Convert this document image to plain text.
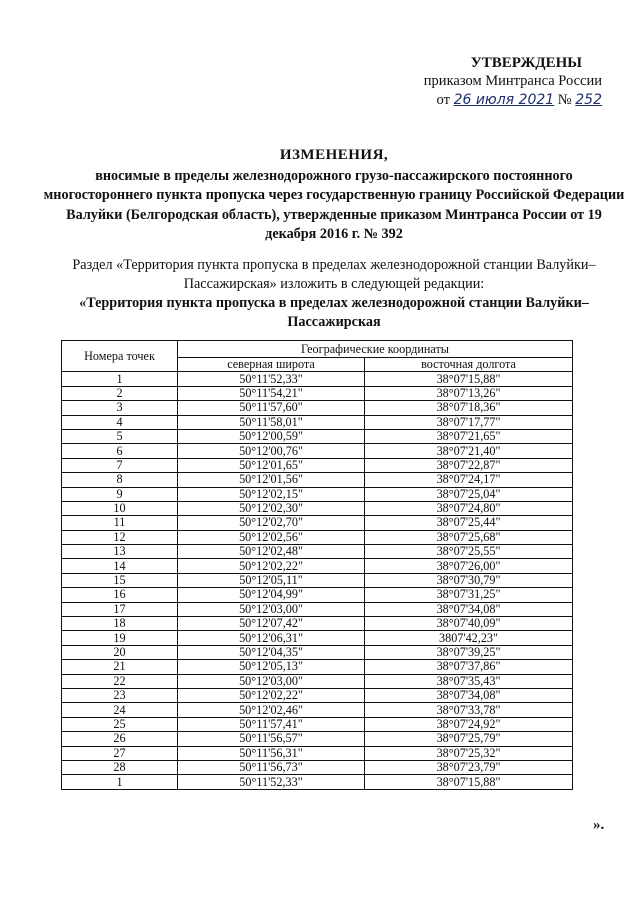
УТВЕРЖДЕНЫ
приказом Минтранса России
от 26 июля 2021 № 252
ИЗМЕНЕНИЯ,
вносимые в пределы железнодорожного грузо-пассажирского постоянного многостороннего пункта пропуска через государственную границу Российской Федерации Валуйки (Белгородская область), утвержденные приказом Минтранса России от 19 декабря 2016 г. № 392
Раздел «Территория пункта пропуска в пределах железнодорожной станции Валуйки–Пассажирская» изложить в следующей редакции:
«Территория пункта пропуска в пределах железнодорожной станции Валуйки–Пассажирская
Номера точек	Географические координаты	
	северная широта	восточная долгота
1	50°11'52,33"	38°07'15,88"
2	50°11'54,21"	38°07'13,26"
3	50°11'57,60"	38°07'18,36"
4	50°11'58,01"	38°07'17,77"
5	50°12'00,59"	38°07'21,65"
6	50°12'00,76"	38°07'21,40"
7	50°12'01,65"	38°07'22,87"
8	50°12'01,56"	38°07'24,17"
9	50°12'02,15"	38°07'25,04"
10	50°12'02,30"	38°07'24,80"
11	50°12'02,70"	38°07'25,44"
12	50°12'02,56"	38°07'25,68"
13	50°12'02,48"	38°07'25,55"
14	50°12'02,22"	38°07'26,00"
15	50°12'05,11"	38°07'30,79"
16	50°12'04,99"	38°07'31,25"
17	50°12'03,00"	38°07'34,08"
18	50°12'07,42"	38°07'40,09"
19	50°12'06,31"	3807'42,23"
20	50°12'04,35"	38°07'39,25"
21	50°12'05,13"	38°07'37,86"
22	50°12'03,00"	38°07'35,43"
23	50°12'02,22"	38°07'34,08"
24	50°12'02,46"	38°07'33,78"
25	50°11'57,41"	38°07'24,92"
26	50°11'56,57"	38°07'25,79"
27	50°11'56,31"	38°07'25,32"
28	50°11'56,73"	38°07'23,79"
1	50°11'52,33"	38°07'15,88"
».
